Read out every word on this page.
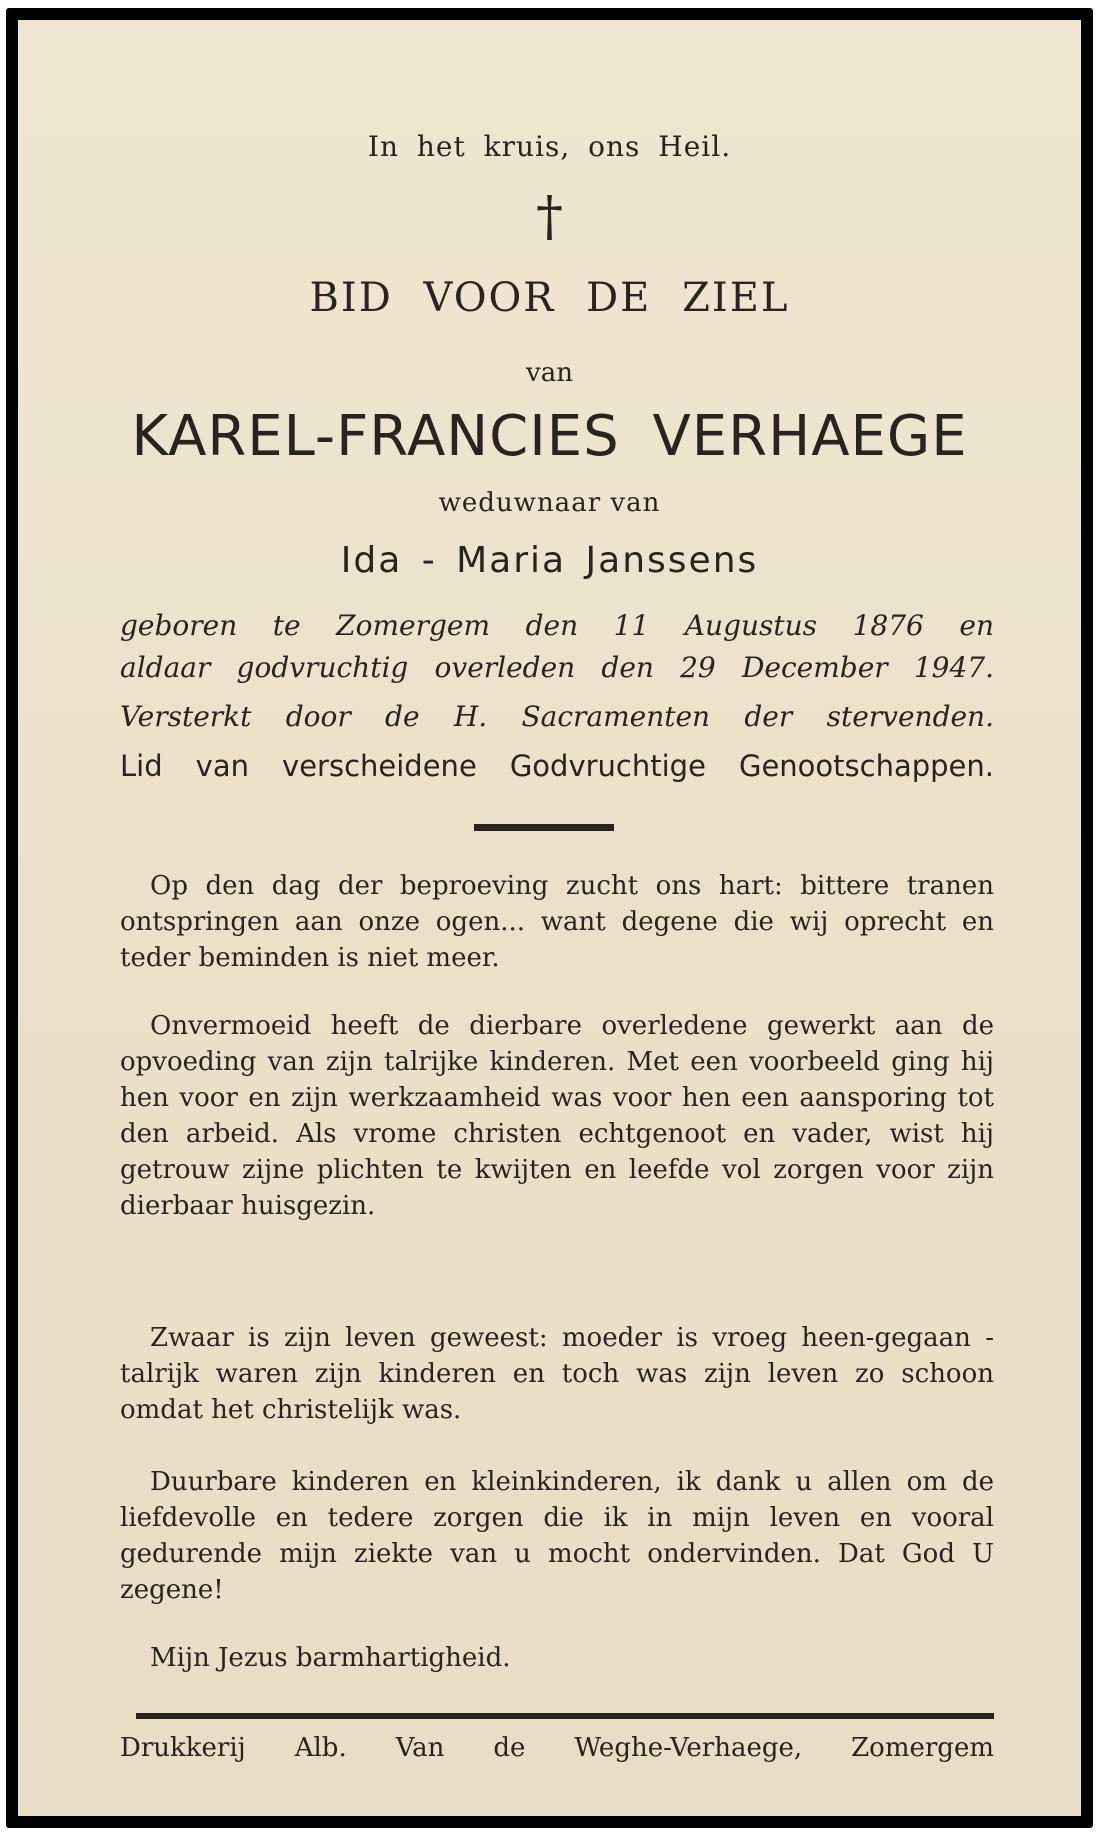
In het kruis, ons Heil.
†
BID VOOR DE ZIEL
van
KAREL-FRANCIES VERHAEGE
weduwnaar van
Ida - Maria Janssens
geboren te Zomergem den 11 Augustus 1876 en
aldaar godvruchtig overleden den 29 December 1947.
Versterkt door de H. Sacramenten der stervenden.
Lid van verscheidene Godvruchtige Genootschappen.
Op den dag der beproeving zucht ons hart: bittere tranen ontspringen aan onze ogen... want degene die wij oprecht en teder beminden is niet meer.
Onvermoeid heeft de dierbare overledene gewerkt aan de opvoeding van zijn talrijke kinderen. Met een voorbeeld ging hij hen voor en zijn werkzaamheid was voor hen een aansporing tot den arbeid. Als vrome christen echtgenoot en vader, wist hij getrouw zijne plichten te kwijten en leefde vol zorgen voor zijn dierbaar huisgezin.
Zwaar is zijn leven geweest: moeder is vroeg heen-gegaan - talrijk waren zijn kinderen en toch was zijn leven zo schoon omdat het christelijk was.
Duurbare kinderen en kleinkinderen, ik dank u allen om de liefdevolle en tedere zorgen die ik in mijn leven en vooral gedurende mijn ziekte van u mocht ondervinden. Dat God U zegene!
Mijn Jezus barmhartigheid.
Drukkerij Alb. Van de Weghe-Verhaege, Zomergem
